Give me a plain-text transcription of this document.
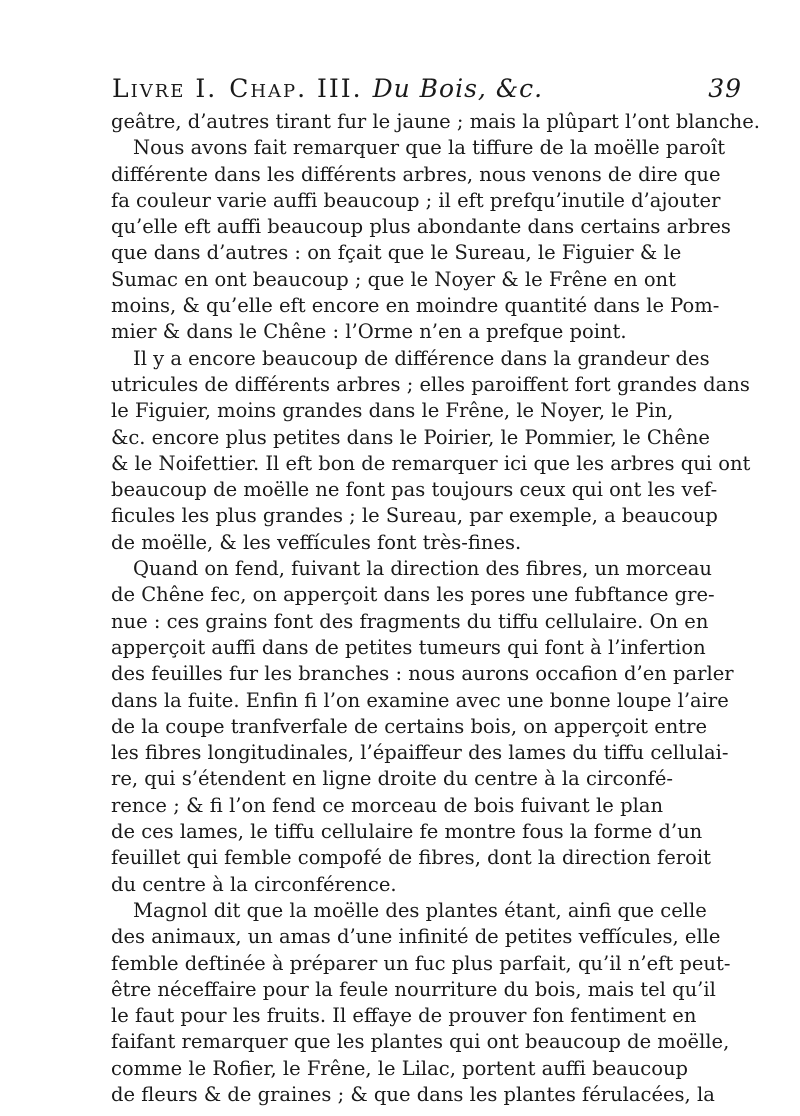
Livre I. Chap. III. Du Bois, &c.	39
geâtre, d’autres tirant fur le jaune ; mais la plûpart l’ont blanche.
Nous avons fait remarquer que la tiffure de la moëlle paroît
différente dans les différents arbres, nous venons de dire que
fa couleur varie auffi beaucoup ; il eft prefqu’inutile d’ajouter
qu’elle eft auffi beaucoup plus abondante dans certains arbres
que dans d’autres : on fçait que le Sureau, le Figuier & le
Sumac en ont beaucoup ; que le Noyer & le Frêne en ont
moins, & qu’elle eft encore en moindre quantité dans le Pom-
mier & dans le Chêne : l’Orme n’en a prefque point.
Il y a encore beaucoup de différence dans la grandeur des
utricules de différents arbres ; elles paroiffent fort grandes dans
le Figuier, moins grandes dans le Frêne, le Noyer, le Pin,
&c. encore plus petites dans le Poirier, le Pommier, le Chêne
& le Noifettier. Il eft bon de remarquer ici que les arbres qui ont
beaucoup de moëlle ne font pas toujours ceux qui ont les vef-
ficules les plus grandes ; le Sureau, par exemple, a beaucoup
de moëlle, & les veffícules font très-fines.
Quand on fend, fuivant la direction des fibres, un morceau
de Chêne fec, on apperçoit dans les pores une fubftance gre-
nue : ces grains font des fragments du tiffu cellulaire. On en
apperçoit auffi dans de petites tumeurs qui font à l’infertion
des feuilles fur les branches : nous aurons occafion d’en parler
dans la fuite. Enfin fi l’on examine avec une bonne loupe l’aire
de la coupe tranfverfale de certains bois, on apperçoit entre
les fibres longitudinales, l’épaiffeur des lames du tiffu cellulai-
re, qui s’étendent en ligne droite du centre à la circonfé-
rence ; & fi l’on fend ce morceau de bois fuivant le plan
de ces lames, le tiffu cellulaire fe montre fous la forme d’un
feuillet qui femble compofé de fibres, dont la direction feroit
du centre à la circonférence.
Magnol dit que la moëlle des plantes étant, ainfi que celle
des animaux, un amas d’une infinité de petites veffícules, elle
femble deftinée à préparer un fuc plus parfait, qu’il n’eft peut-
être néceffaire pour la feule nourriture du bois, mais tel qu’il
le faut pour les fruits. Il effaye de prouver fon fentiment en
faifant remarquer que les plantes qui ont beaucoup de moëlle,
comme le Rofier, le Frêne, le Lilac, portent auffi beaucoup
de fleurs & de graines ; & que dans les plantes férulacées, la
